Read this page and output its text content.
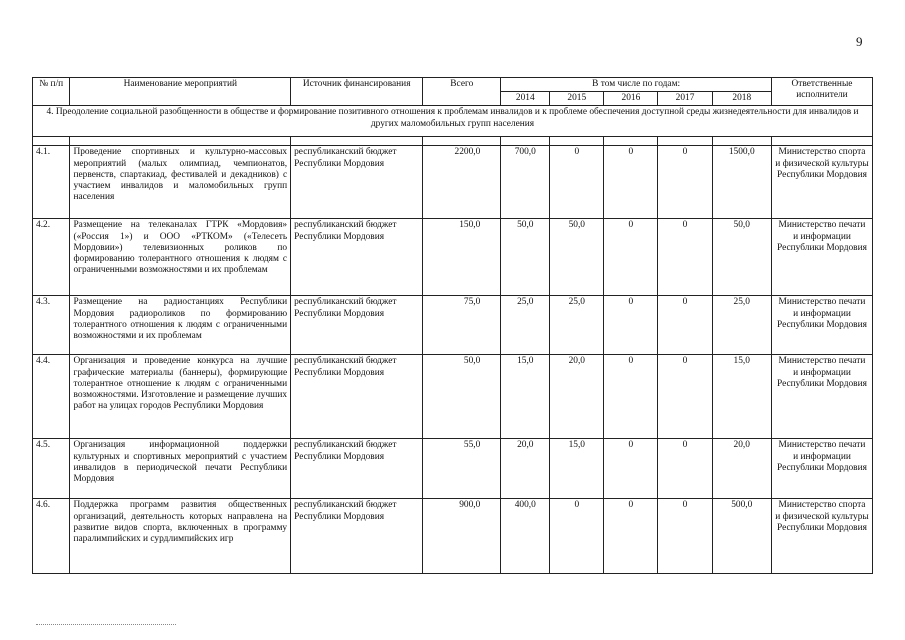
9
№ п/п	Наименование мероприятий	Источник финансирования	Всего	В том числе по годам:					Ответственные исполнители
				2014	2015	2016	2017	2018	
4. Преодоление социальной разобщенности в обществе и формирование позитивного отношения к проблемам инвалидов и к проблеме обеспечения доступной среды жизнедеятельности для инвалидов и других маломобильных групп населения									

4.1.	Проведение спортивных и культурно-массовых мероприятий (малых олимпиад, чемпионатов, первенств, спартакиад, фестивалей и декадников) с участием инвалидов и маломобильных групп населения	республиканский бюджет Республики Мордовия	2200,0	700,0	0	0	0	1500,0	Министерство спорта и физической культуры Республики Мордовия
4.2.	Размещение на телеканалах ГТРК «Мордовия» («Россия 1») и ООО «РТКОМ» («Телесеть Мордовии») телевизионных роликов по формированию толерантного отношения к людям с ограниченными возможностями и их проблемам	республиканский бюджет Республики Мордовия	150,0	50,0	50,0	0	0	50,0	Министерство печати и информации Республики Мордовия
4.3.	Размещение на радиостанциях Республики Мордовия радиороликов по формированию толерантного отношения к людям с ограниченными возможностями и их проблемам	республиканский бюджет Республики Мордовия	75,0	25,0	25,0	0	0	25,0	Министерство печати и информации Республики Мордовия
4.4.	Организация и проведение конкурса на лучшие графические материалы (баннеры), формирующие толерантное отношение к людям с ограниченными возможностями. Изготовление и размещение лучших работ на улицах городов Республики Мордовия	республиканский бюджет Республики Мордовия	50,0	15,0	20,0	0	0	15,0	Министерство печати и информации Республики Мордовия
4.5.	Организация информационной поддержки культурных и спортивных мероприятий с участием инвалидов в периодической печати Республики Мордовия	республиканский бюджет Республики Мордовия	55,0	20,0	15,0	0	0	20,0	Министерство печати и информации Республики Мордовия
4.6.	Поддержка программ развития общественных организаций, деятельность которых направлена на развитие видов спорта, включенных в программу паралимпийских и сурдлимпийских игр	республиканский бюджет Республики Мордовия	900,0	400,0	0	0	0	500,0	Министерство спорта и физической культуры Республики Мордовия
